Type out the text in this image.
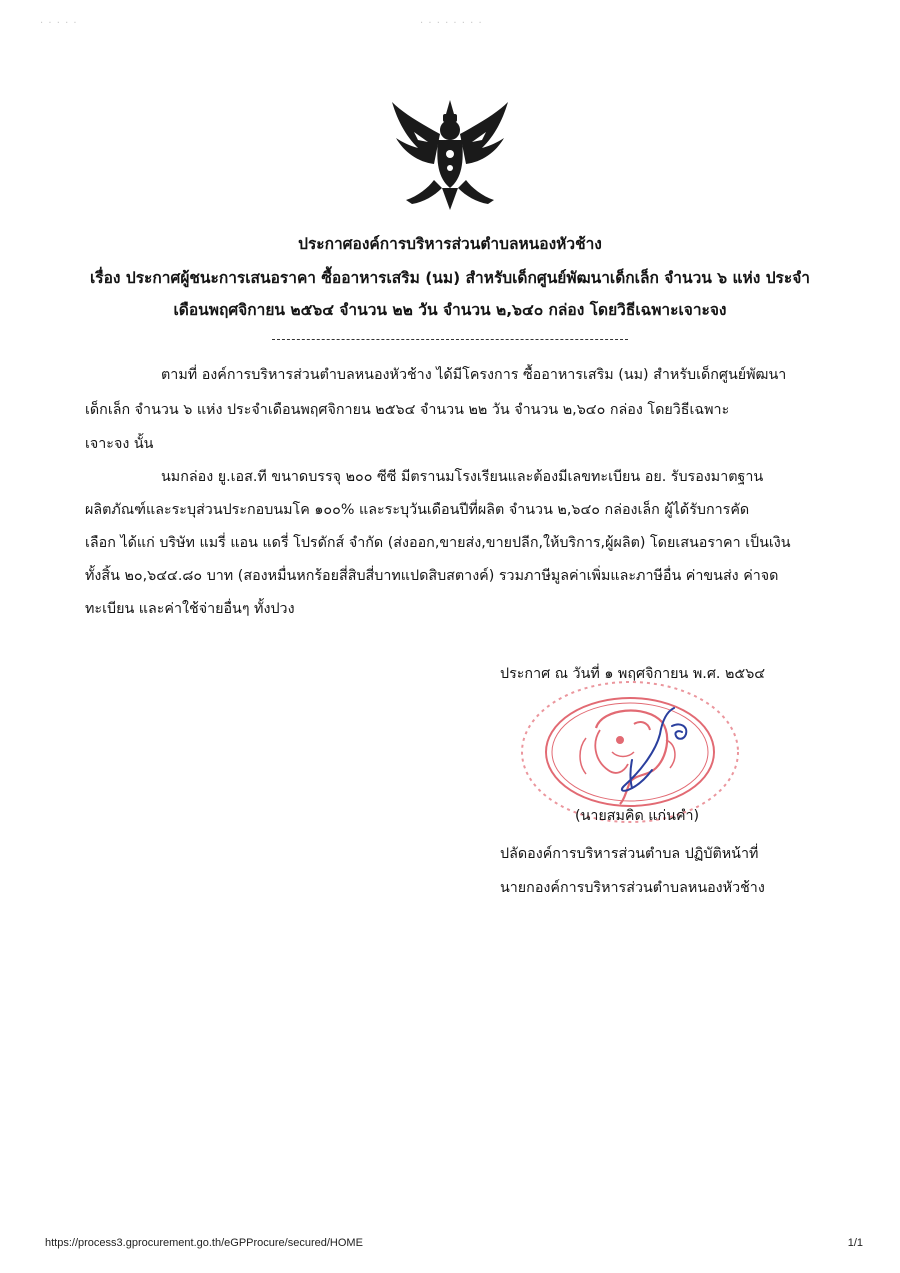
· · · · ·	· · · · · · · ·
ประกาศองค์การบริหารส่วนตำบลหนองหัวช้าง
เรื่อง ประกาศผู้ชนะการเสนอราคา ซื้ออาหารเสริม (นม) สำหรับเด็กศูนย์พัฒนาเด็กเล็ก จำนวน ๖ แห่ง ประจำ
เดือนพฤศจิกายน ๒๕๖๔ จำนวน ๒๒ วัน จำนวน ๒,๖๔๐ กล่อง โดยวิธีเฉพาะเจาะจง
ตามที่ องค์การบริหารส่วนตำบลหนองหัวช้าง ได้มีโครงการ ซื้ออาหารเสริม (นม) สำหรับเด็กศูนย์พัฒนา
เด็กเล็ก จำนวน ๖ แห่ง ประจำเดือนพฤศจิกายน ๒๕๖๔ จำนวน ๒๒ วัน จำนวน ๒,๖๔๐ กล่อง โดยวิธีเฉพาะ
เจาะจง นั้น
นมกล่อง ยู.เอส.ที ขนาดบรรจุ ๒๐๐ ซีซี มีตรานมโรงเรียนและต้องมีเลขทะเบียน อย. รับรองมาตฐาน
ผลิตภัณฑ์และระบุส่วนประกอบนมโค ๑๐๐% และระบุวันเดือนปีที่ผลิต จำนวน ๒,๖๔๐ กล่องเล็ก ผู้ได้รับการคัด
เลือก ได้แก่ บริษัท แมรี่ แอน แดรี่ โปรดักส์ จำกัด (ส่งออก,ขายส่ง,ขายปลีก,ให้บริการ,ผู้ผลิต) โดยเสนอราคา เป็นเงิน
ทั้งสิ้น ๒๐,๖๔๔.๘๐ บาท (สองหมื่นหกร้อยสี่สิบสี่บาทแปดสิบสตางค์) รวมภาษีมูลค่าเพิ่มและภาษีอื่น ค่าขนส่ง ค่าจด
ทะเบียน และค่าใช้จ่ายอื่นๆ ทั้งปวง
ประกาศ ณ วันที่ ๑ พฤศจิกายน พ.ศ. ๒๕๖๔
(นายสมคิด แก่นคำ)
ปลัดองค์การบริหารส่วนตำบล ปฏิบัติหน้าที่
นายกองค์การบริหารส่วนตำบลหนองหัวช้าง
https://process3.gprocurement.go.th/eGPProcure/secured/HOME	1/1
